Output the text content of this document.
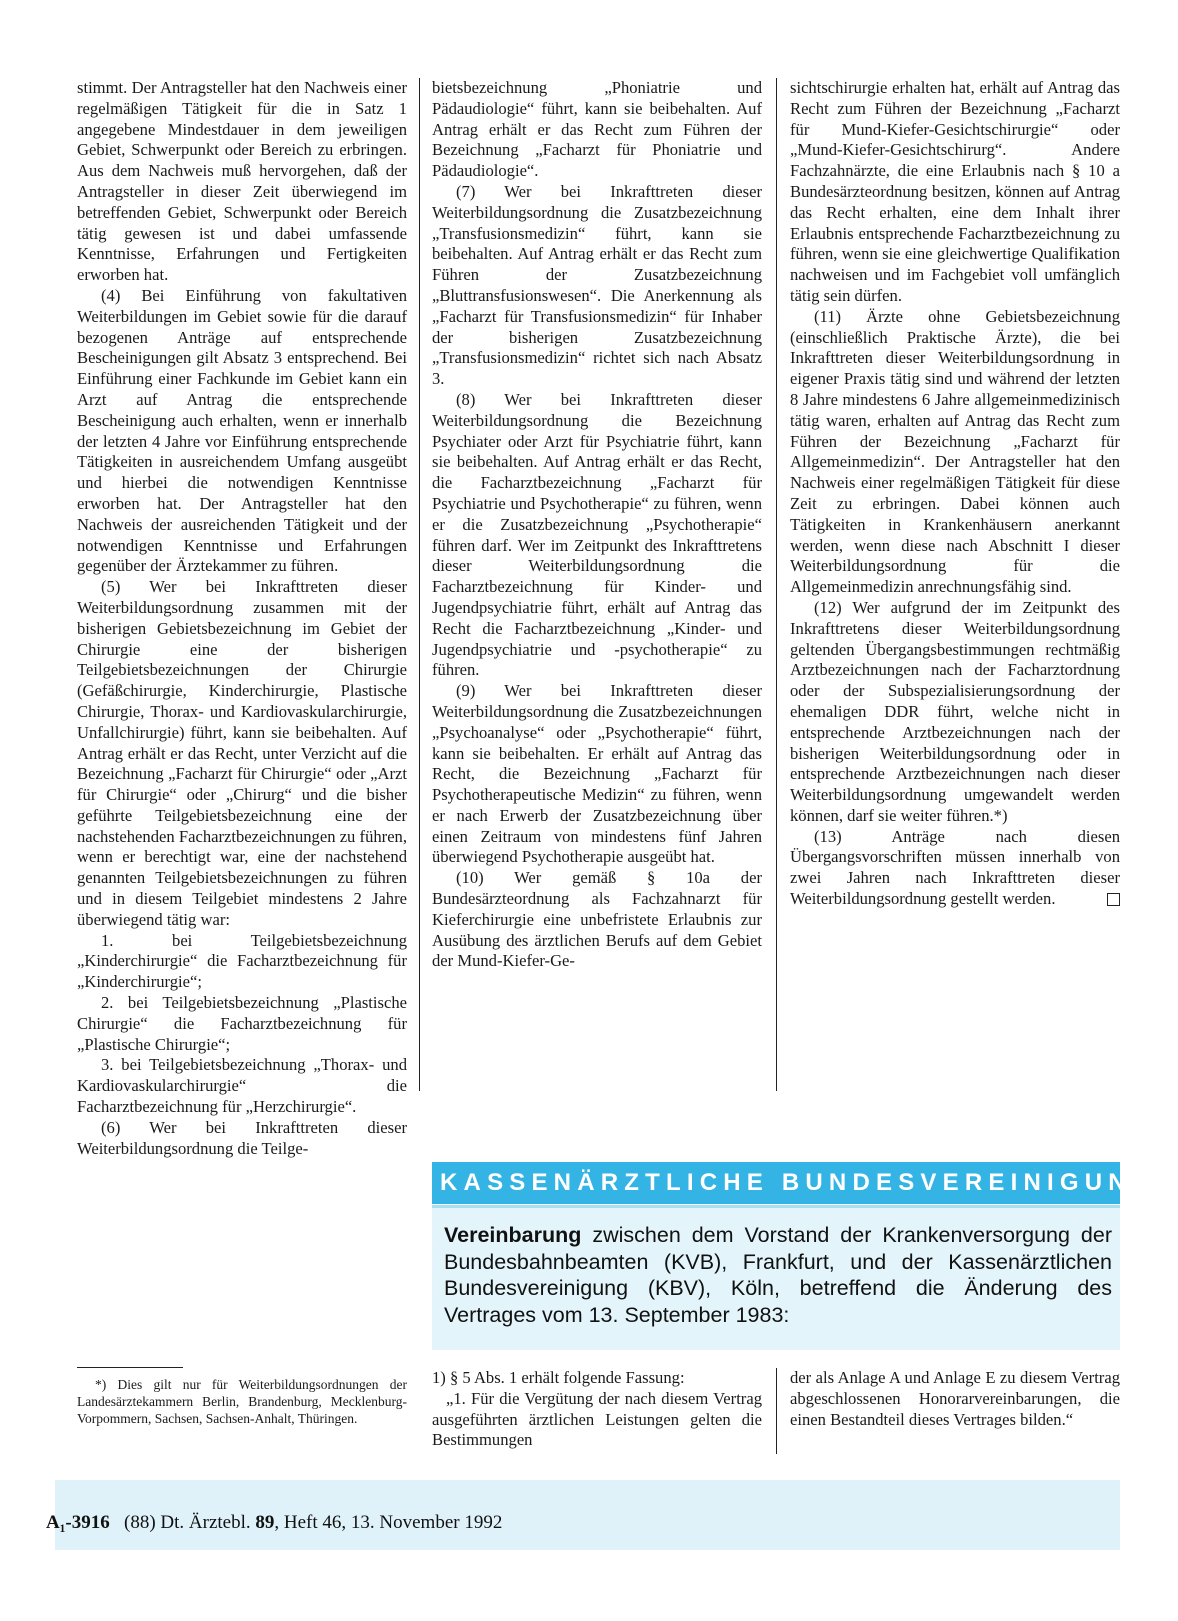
stimmt. Der Antragsteller hat den Nachweis einer regelmäßigen Tätigkeit für die in Satz 1 angegebene Mindestdauer in dem jeweiligen Gebiet, Schwerpunkt oder Bereich zu erbringen. Aus dem Nachweis muß hervorgehen, daß der Antragsteller in dieser Zeit überwiegend im betreffenden Gebiet, Schwerpunkt oder Bereich tätig gewesen ist und dabei umfassende Kenntnisse, Erfahrungen und Fertigkeiten erworben hat.

(4) Bei Einführung von fakultativen Weiterbildungen im Gebiet sowie für die darauf bezogenen Anträge auf entsprechende Bescheinigungen gilt Absatz 3 entsprechend. Bei Einführung einer Fachkunde im Gebiet kann ein Arzt auf Antrag die entsprechende Bescheinigung auch erhalten, wenn er innerhalb der letzten 4 Jahre vor Einführung entsprechende Tätigkeiten in ausreichendem Umfang ausgeübt und hierbei die notwendigen Kenntnisse erworben hat. Der Antragsteller hat den Nachweis der ausreichenden Tätigkeit und der notwendigen Kenntnisse und Erfahrungen gegenüber der Ärztekammer zu führen.

(5) Wer bei Inkrafttreten dieser Weiterbildungsordnung zusammen mit der bisherigen Gebietsbezeichnung im Gebiet der Chirurgie eine der bisherigen Teilgebietsbezeichnungen der Chirurgie (Gefäßchirurgie, Kinderchirurgie, Plastische Chirurgie, Thorax- und Kardiovaskularchirurgie, Unfallchirurgie) führt, kann sie beibehalten. Auf Antrag erhält er das Recht, unter Verzicht auf die Bezeichnung „Facharzt für Chirurgie“ oder „Arzt für Chirurgie“ oder „Chirurg“ und die bisher geführte Teilgebietsbezeichnung eine der nachstehenden Facharztbezeichnungen zu führen, wenn er berechtigt war, eine der nachstehend genannten Teilgebietsbezeichnungen zu führen und in diesem Teilgebiet mindestens 2 Jahre überwiegend tätig war:

1. bei Teilgebietsbezeichnung „Kinderchirurgie“ die Facharztbezeichnung für „Kinderchirurgie“;

2. bei Teilgebietsbezeichnung „Plastische Chirurgie“ die Facharztbezeichnung für „Plastische Chirurgie“;

3. bei Teilgebietsbezeichnung „Thorax- und Kardiovaskularchirurgie“ die Facharztbezeichnung für „Herzchirurgie“.

(6) Wer bei Inkrafttreten dieser Weiterbildungsordnung die Teilge-

bietsbezeichnung „Phoniatrie und Pädaudiologie“ führt, kann sie beibehalten. Auf Antrag erhält er das Recht zum Führen der Bezeichnung „Facharzt für Phoniatrie und Pädaudiologie“.

(7) Wer bei Inkrafttreten dieser Weiterbildungsordnung die Zusatzbezeichnung „Transfusionsmedizin“ führt, kann sie beibehalten. Auf Antrag erhält er das Recht zum Führen der Zusatzbezeichnung „Bluttransfusionswesen“. Die Anerkennung als „Facharzt für Transfusionsmedizin“ für Inhaber der bisherigen Zusatzbezeichnung „Transfusionsmedizin“ richtet sich nach Absatz 3.

(8) Wer bei Inkrafttreten dieser Weiterbildungsordnung die Bezeichnung Psychiater oder Arzt für Psychiatrie führt, kann sie beibehalten. Auf Antrag erhält er das Recht, die Facharztbezeichnung „Facharzt für Psychiatrie und Psychotherapie“ zu führen, wenn er die Zusatzbezeichnung „Psychotherapie“ führen darf. Wer im Zeitpunkt des Inkrafttretens dieser Weiterbildungsordnung die Facharztbezeichnung für Kinder- und Jugendpsychiatrie führt, erhält auf Antrag das Recht die Facharztbezeichnung „Kinder- und Jugendpsychiatrie und -psychotherapie“ zu führen.

(9) Wer bei Inkrafttreten dieser Weiterbildungsordnung die Zusatzbezeichnungen „Psychoanalyse“ oder „Psychotherapie“ führt, kann sie beibehalten. Er erhält auf Antrag das Recht, die Bezeichnung „Facharzt für Psychotherapeutische Medizin“ zu führen, wenn er nach Erwerb der Zusatzbezeichnung über einen Zeitraum von mindestens fünf Jahren überwiegend Psychotherapie ausgeübt hat.

(10) Wer gemäß § 10a der Bundesärzteordnung als Fachzahnarzt für Kieferchirurgie eine unbefristete Erlaubnis zur Ausübung des ärztlichen Berufs auf dem Gebiet der Mund-Kiefer-Ge-

sichtschirurgie erhalten hat, erhält auf Antrag das Recht zum Führen der Bezeichnung „Facharzt für Mund-Kiefer-Gesichtschirurgie“ oder „Mund-Kiefer-Gesichtschirurg“. Andere Fachzahnärzte, die eine Erlaubnis nach § 10 a Bundesärzteordnung besitzen, können auf Antrag das Recht erhalten, eine dem Inhalt ihrer Erlaubnis entsprechende Facharztbezeichnung zu führen, wenn sie eine gleichwertige Qualifikation nachweisen und im Fachgebiet voll umfänglich tätig sein dürfen.

(11) Ärzte ohne Gebietsbezeichnung (einschließlich Praktische Ärzte), die bei Inkrafttreten dieser Weiterbildungsordnung in eigener Praxis tätig sind und während der letzten 8 Jahre mindestens 6 Jahre allgemeinmedizinisch tätig waren, erhalten auf Antrag das Recht zum Führen der Bezeichnung „Facharzt für Allgemeinmedizin“. Der Antragsteller hat den Nachweis einer regelmäßigen Tätigkeit für diese Zeit zu erbringen. Dabei können auch Tätigkeiten in Krankenhäusern anerkannt werden, wenn diese nach Abschnitt I dieser Weiterbildungsordnung für die Allgemeinmedizin anrechnungsfähig sind.

(12) Wer aufgrund der im Zeitpunkt des Inkrafttretens dieser Weiterbildungsordnung geltenden Übergangsbestimmungen rechtmäßig Arztbezeichnungen nach der Facharztordnung oder der Subspezialisierungsordnung der ehemaligen DDR führt, welche nicht in entsprechende Arztbezeichnungen nach der bisherigen Weiterbildungsordnung oder in entsprechende Arztbezeichnungen nach dieser Weiterbildungsordnung umgewandelt werden können, darf sie weiter führen.*)

(13) Anträge nach diesen Übergangsvorschriften müssen innerhalb von zwei Jahren nach Inkrafttreten dieser Weiterbildungsordnung gestellt werden.

*) Dies gilt nur für Weiterbildungsordnungen der Landesärztekammern Berlin, Brandenburg, Mecklenburg-Vorpommern, Sachsen, Sachsen-Anhalt, Thüringen.

KASSENÄRZTLICHE BUNDESVEREINIGUNG
Vereinbarung zwischen dem Vorstand der Krankenversorgung der Bundesbahnbeamten (KVB), Frankfurt, und der Kassenärztlichen Bundesvereinigung (KBV), Köln, betreffend die Änderung des Vertrages vom 13. September 1983:

1) § 5 Abs. 1 erhält folgende Fassung:

„1. Für die Vergütung der nach diesem Vertrag ausgeführten ärztlichen Leistungen gelten die Bestimmungen

der als Anlage A und Anlage E zu diesem Vertrag abgeschlossenen Honorarvereinbarungen, die einen Bestandteil dieses Vertrages bilden.“

A₁-3916 (88) Dt. Ärztebl. 89, Heft 46, 13. November 1992
